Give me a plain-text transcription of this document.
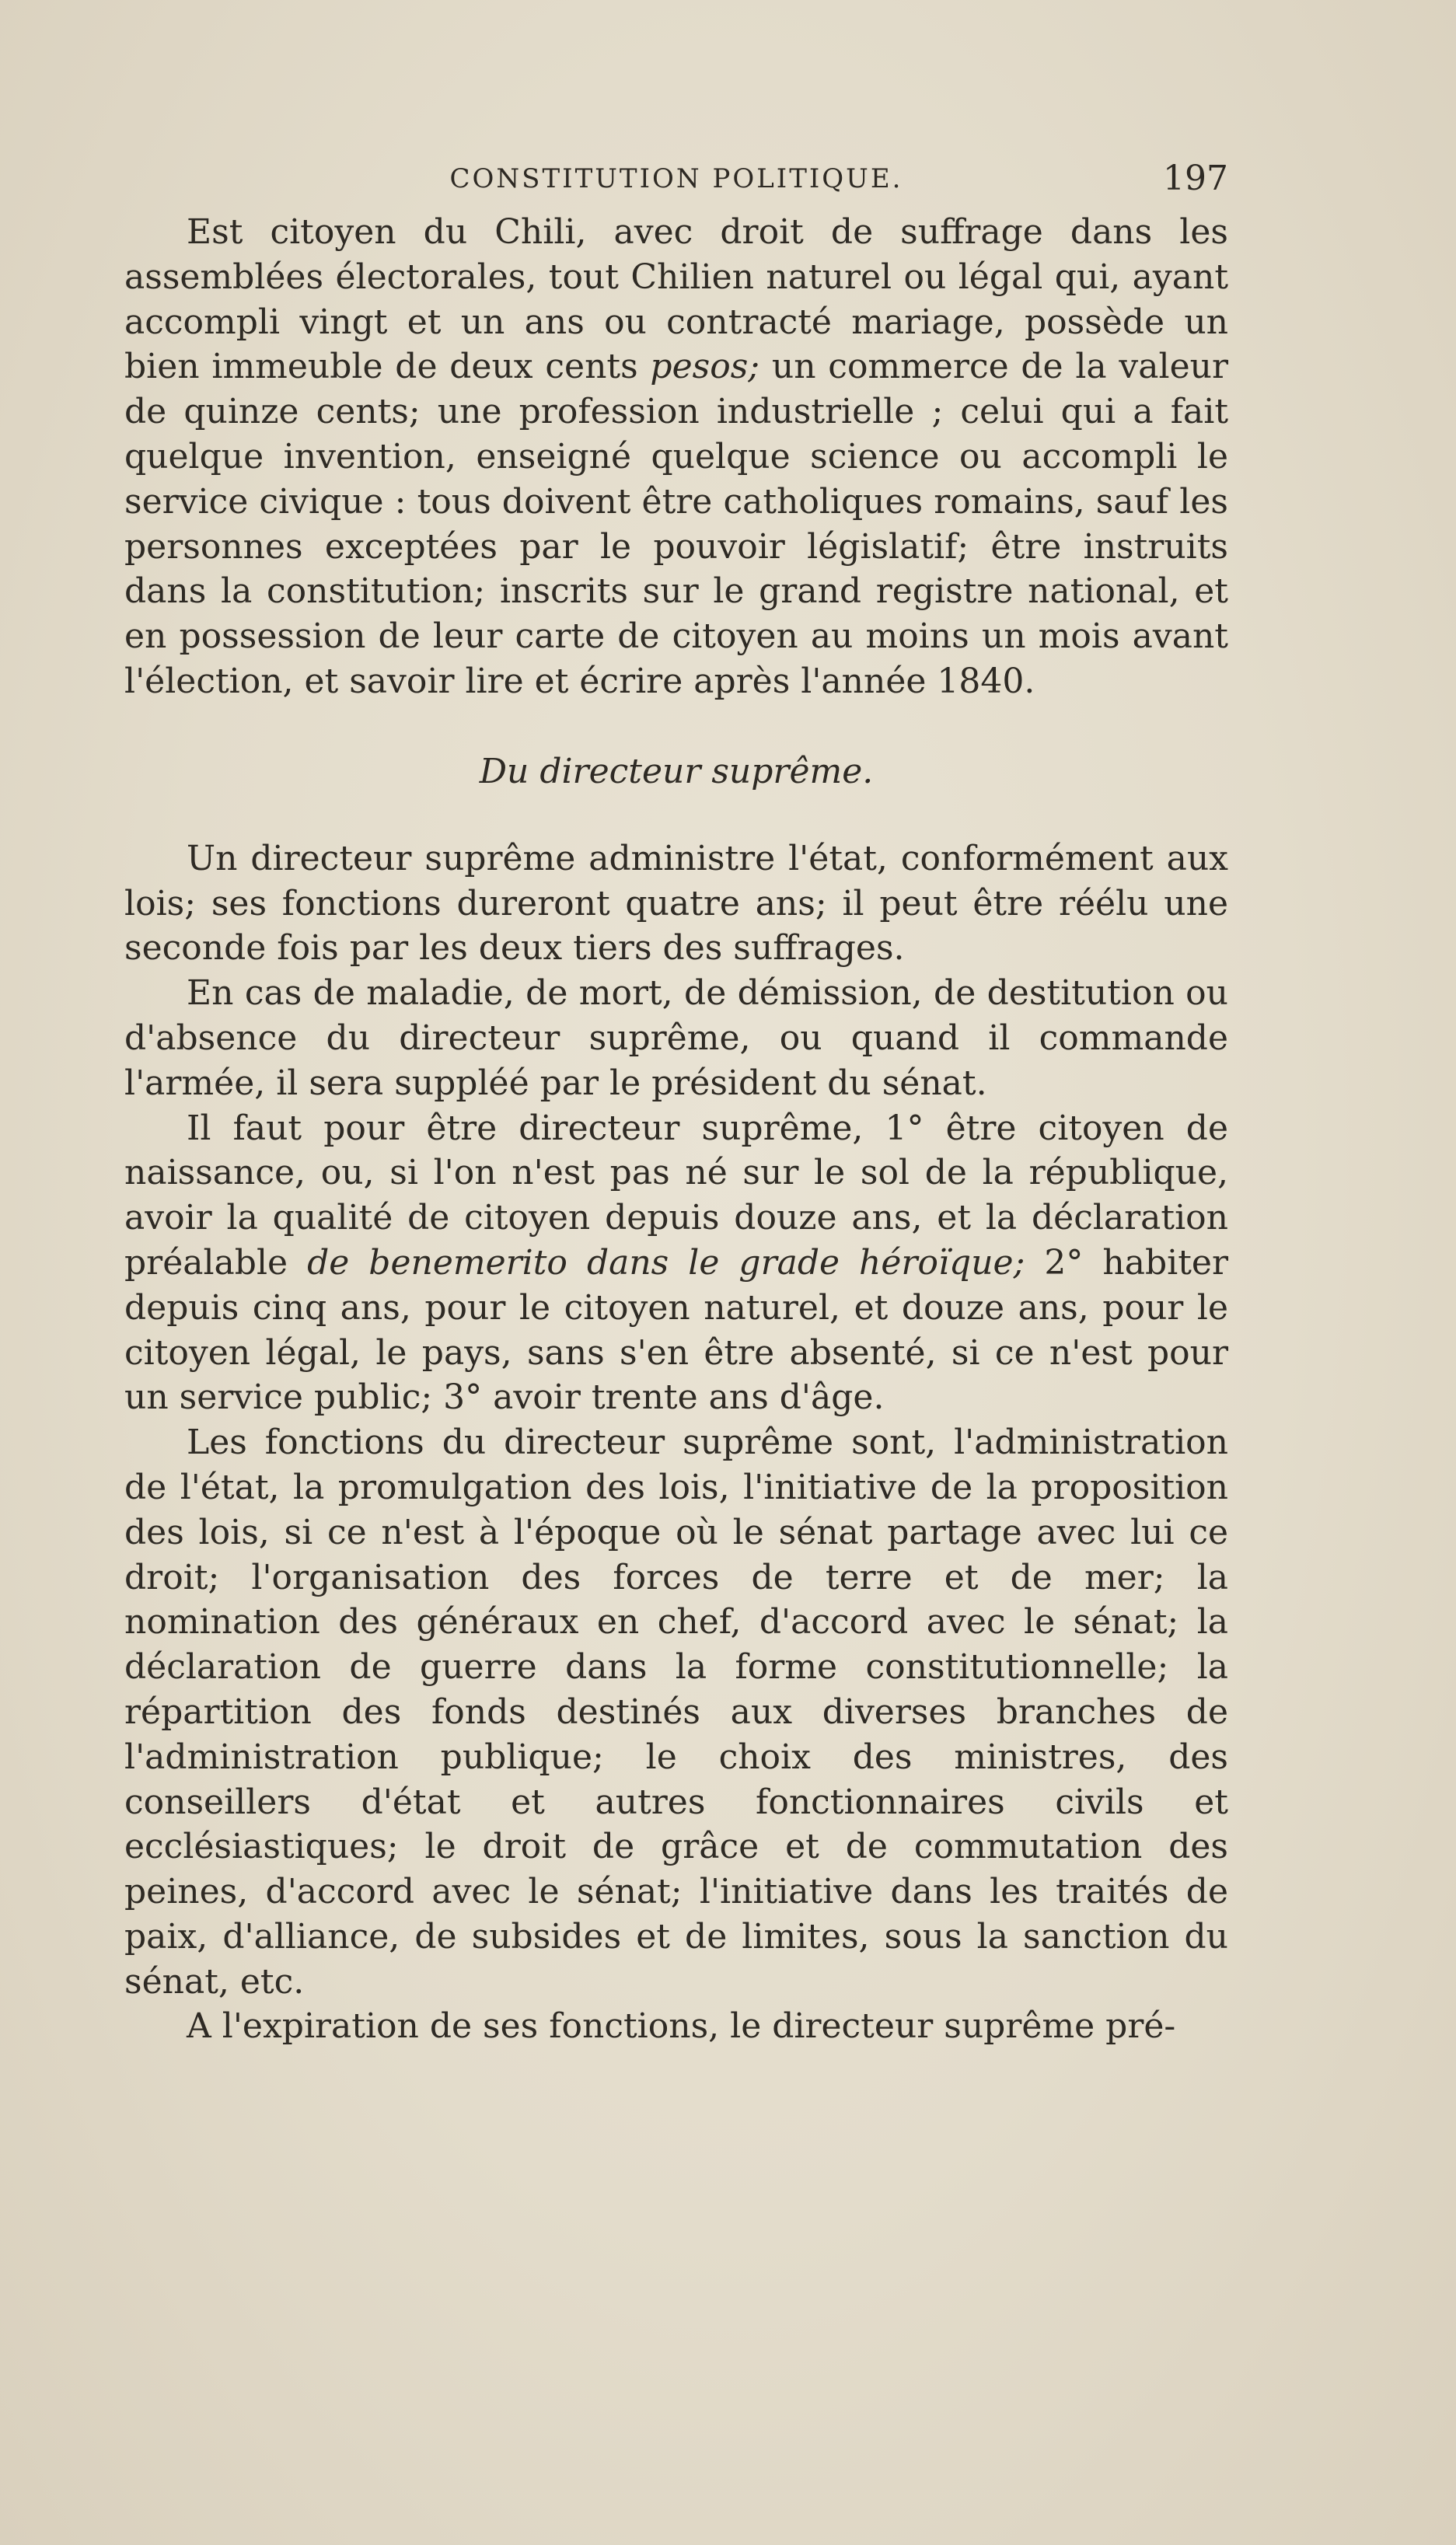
CONSTITUTION POLITIQUE.	197

Est citoyen du Chili, avec droit de suffrage dans les assemblées électorales, tout Chilien naturel ou légal qui, ayant accompli vingt et un ans ou contracté mariage, possède un bien immeuble de deux cents pesos; un commerce de la valeur de quinze cents; une profession industrielle ; celui qui a fait quelque invention, enseigné quelque science ou accompli le service civique : tous doivent être catholiques romains, sauf les personnes exceptées par le pouvoir législatif; être instruits dans la constitution; inscrits sur le grand registre national, et en possession de leur carte de citoyen au moins un mois avant l'élection, et savoir lire et écrire après l'année 1840.

Du directeur suprême.

Un directeur suprême administre l'état, conformément aux lois; ses fonctions dureront quatre ans; il peut être réélu une seconde fois par les deux tiers des suffrages.

En cas de maladie, de mort, de démission, de destitution ou d'absence du directeur suprême, ou quand il commande l'armée, il sera suppléé par le président du sénat.

Il faut pour être directeur suprême, 1° être citoyen de naissance, ou, si l'on n'est pas né sur le sol de la république, avoir la qualité de citoyen depuis douze ans, et la déclaration préalable de benemerito dans le grade héroïque; 2° habiter depuis cinq ans, pour le citoyen naturel, et douze ans, pour le citoyen légal, le pays, sans s'en être absenté, si ce n'est pour un service public; 3° avoir trente ans d'âge.

Les fonctions du directeur suprême sont, l'administration de l'état, la promulgation des lois, l'initiative de la proposition des lois, si ce n'est à l'époque où le sénat partage avec lui ce droit; l'organisation des forces de terre et de mer; la nomination des généraux en chef, d'accord avec le sénat; la déclaration de guerre dans la forme constitutionnelle; la répartition des fonds destinés aux diverses branches de l'administration publique; le choix des ministres, des conseillers d'état et autres fonctionnaires civils et ecclésiastiques; le droit de grâce et de commutation des peines, d'accord avec le sénat; l'initiative dans les traités de paix, d'alliance, de subsides et de limites, sous la sanction du sénat, etc.

A l'expiration de ses fonctions, le directeur suprême pré-
